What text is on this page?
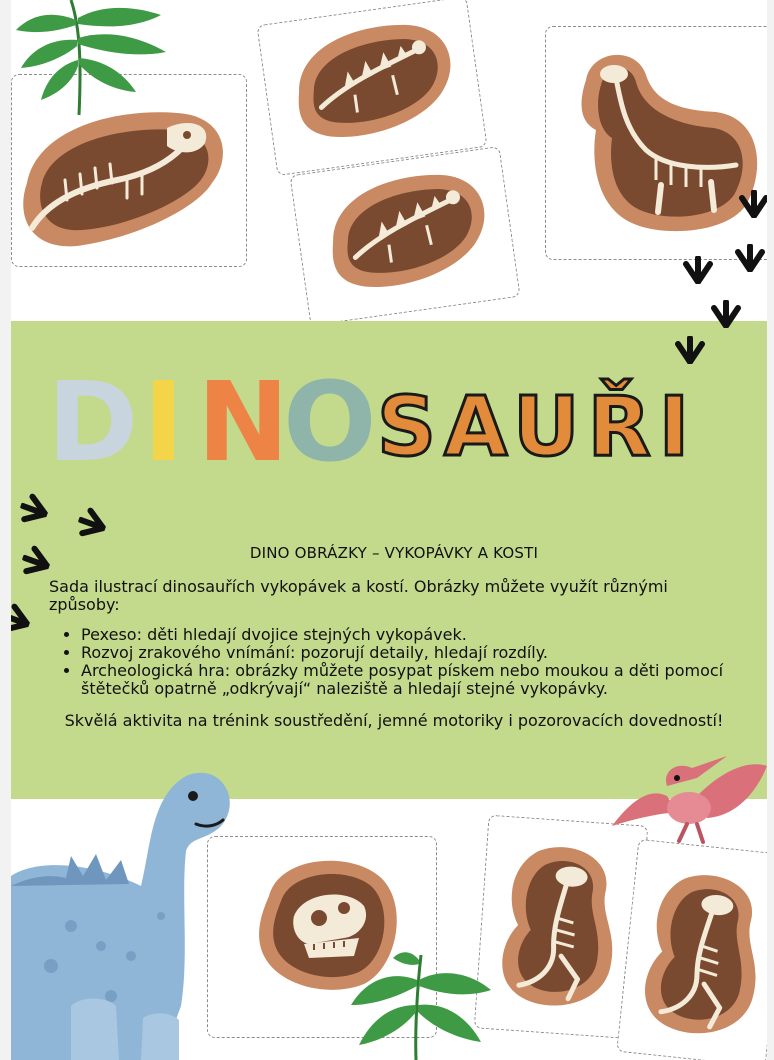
D I N
O SAUŘI
DINO OBRÁZKY – VYKOPÁVKY A KOSTI

Sada ilustrací dinosauřích vykopávek a kostí. Obrázky můžete využít různými způsoby:

• Pexeso: děti hledají dvojice stejných vykopávek.
• Rozvoj zrakového vnímání: pozorují detaily, hledají rozdíly.
• Archeologická hra: obrázky můžete posypat pískem nebo moukou a děti pomocí štětečků opatrně „odkrývají“ naleziště a hledají stejné vykopávky.
Skvělá aktivita na trénink soustředění, jemné motoriky i pozorovacích dovedností!
